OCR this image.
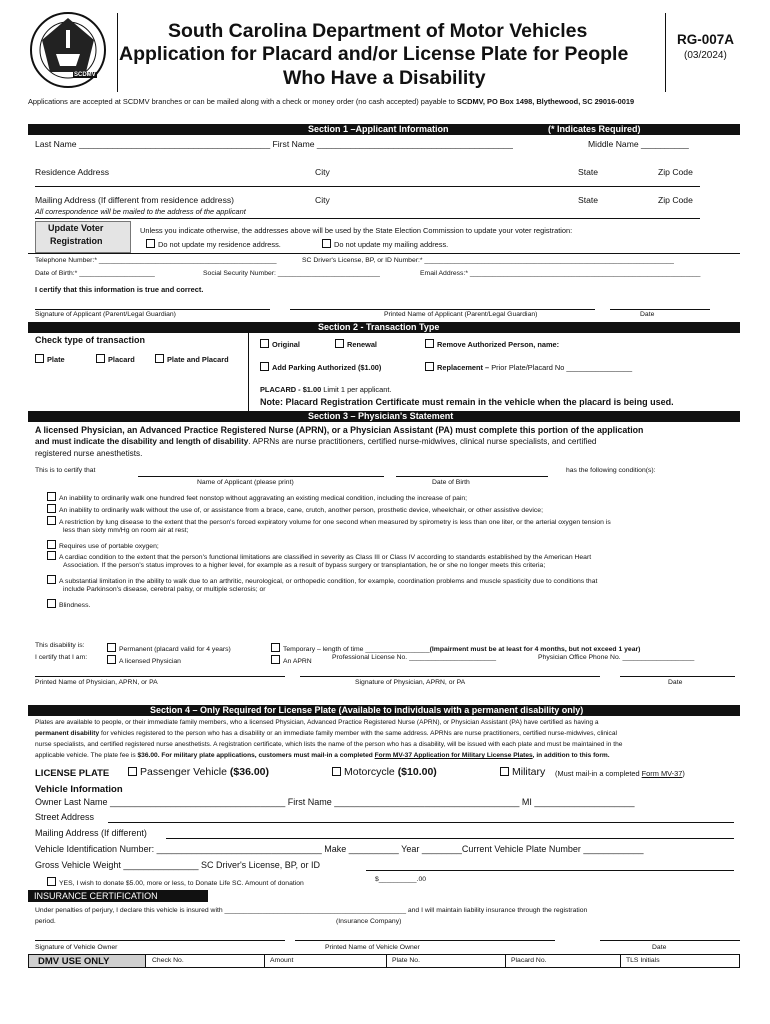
SCDMV
South Carolina Department of Motor Vehicles
Application for Placard and/or License Plate for People
Who Have a Disability
RG-007A
(03/2024)
Applications are accepted at SCDMV branches or can be mailed along with a check or money order (no cash accepted) payable to SCDMV, PO Box 1498, Blythewood, SC 29016-0019
Section 1 –Applicant Information	(* Indicates Required)
Last Name ________________________________________ First Name _________________________________________	Middle Name __________
Residence Address	City	State	Zip Code
Mailing Address (If different from residence address)	City	State	Zip Code
All correspondence will be mailed to the address of the applicant
Update Voter
Registration
Unless you indicate otherwise, the addresses above will be used by the State Election Commission to update your voter registration:
Do not update my residence address.	Do not update my mailing address.
Telephone Number:* _______________________________________________	SC Driver's License, BP, or ID Number:* __________________________________________________________________
Date of Birth:* ____________________	Social Security Number: ___________________________	Email Address:* _____________________________________________________________
I certify that this information is true and correct.
Signature of Applicant (Parent/Legal Guardian)	Printed Name of Applicant (Parent/Legal Guardian)	Date
Section 2 - Transaction Type
Check type of transaction
Plate	Placard	Plate and Placard
Original	Renewal	Remove Authorized Person, name:
Add Parking Authorized ($1.00)	Replacement – Prior Plate/Placard No ________________
PLACARD - $1.00 Limit 1 per applicant.
Note: Placard Registration Certificate must remain in the vehicle when the placard is being used.
Section 3 – Physician's Statement
A licensed Physician, an Advanced Practice Registered Nurse (APRN), or a Physician Assistant (PA) must complete this portion of the application
and must indicate the disability and length of disability. APRNs are nurse practitioners, certified nurse-midwives, clinical nurse specialists, and certified
registered nurse anesthetists.
This is to certify that	has the following condition(s):
Name of Applicant (please print)	Date of Birth
An inability to ordinarily walk one hundred feet nonstop without aggravating an existing medical condition, including the increase of pain;
An inability to ordinarily walk without the use of, or assistance from a brace, cane, crutch, another person, prosthetic device, wheelchair, or other assistive device;
A restriction by lung disease to the extent that the person's forced expiratory volume for one second when measured by spirometry is less than one liter, or the arterial oxygen tension is
less than sixty mm/Hg on room air at rest;
Requires use of portable oxygen;
A cardiac condition to the extent that the person's functional limitations are classified in severity as Class III or Class IV according to standards established by the American Heart
Association. If the person's status improves to a higher level, for example as a result of bypass surgery or transplantation, he or she no longer meets this criteria;
A substantial limitation in the ability to walk due to an arthritic, neurological, or orthopedic condition, for example, coordination problems and muscle spasticity due to conditions that
include Parkinson's disease, cerebral palsy, or multiple sclerosis; or
Blindness.
This disability is:
Permanent (placard valid for 4 years)	Temporary – length of time _________________(Impairment must be at least for 4 months, but not exceed 1 year)
I certify that I am:
A licensed Physician	An APRN
Professional License No. _______________________	Physician Office Phone No. ___________________
Printed Name of Physician, APRN, or PA	Signature of Physician, APRN, or PA	Date
Section 4 – Only Required for License Plate (Available to individuals with a permanent disability only)
Plates are available to people, or their immediate family members, who a licensed Physician, Advanced Practice Registered Nurse (APRN), or Physician Assistant (PA) have certified as having a
permanent disability for vehicles registered to the person who has a disability or an immediate family member with the same address. APRNs are nurse practitioners, certified nurse-midwives, clinical
nurse specialists, and certified registered nurse anesthetists. A registration certificate, which lists the name of the person who has a disability, will be issued with each plate and must be maintained in the
applicable vehicle. The plate fee is $36.00. For military plate applications, customers must mail-in a completed Form MV-37 Application for Military License Plates, in addition to this form.
LICENSE PLATE	Passenger Vehicle ($36.00)	Motorcycle ($10.00)	Military (Must mail-in a completed Form MV-37)
Vehicle Information
Owner Last Name ___________________________________ First Name _____________________________________ MI ____________________
Street Address
Mailing Address (If different)
Vehicle Identification Number: _________________________________ Make __________ Year ________Current Vehicle Plate Number ____________
Gross Vehicle Weight _______________ SC Driver's License, BP, or ID
YES, I wish to donate $5.00, more or less, to Donate Life SC. Amount of donation
$__________.00
INSURANCE CERTIFICATION
Under penalties of perjury, I declare this vehicle is insured with ________________________________________________ and I will maintain liability insurance through the registration
period.	(Insurance Company)
Signature of Vehicle Owner	Printed Name of Vehicle Owner	Date
DMV USE ONLY	Check No.	Amount	Plate No.	Placard No.	TLS Initials
